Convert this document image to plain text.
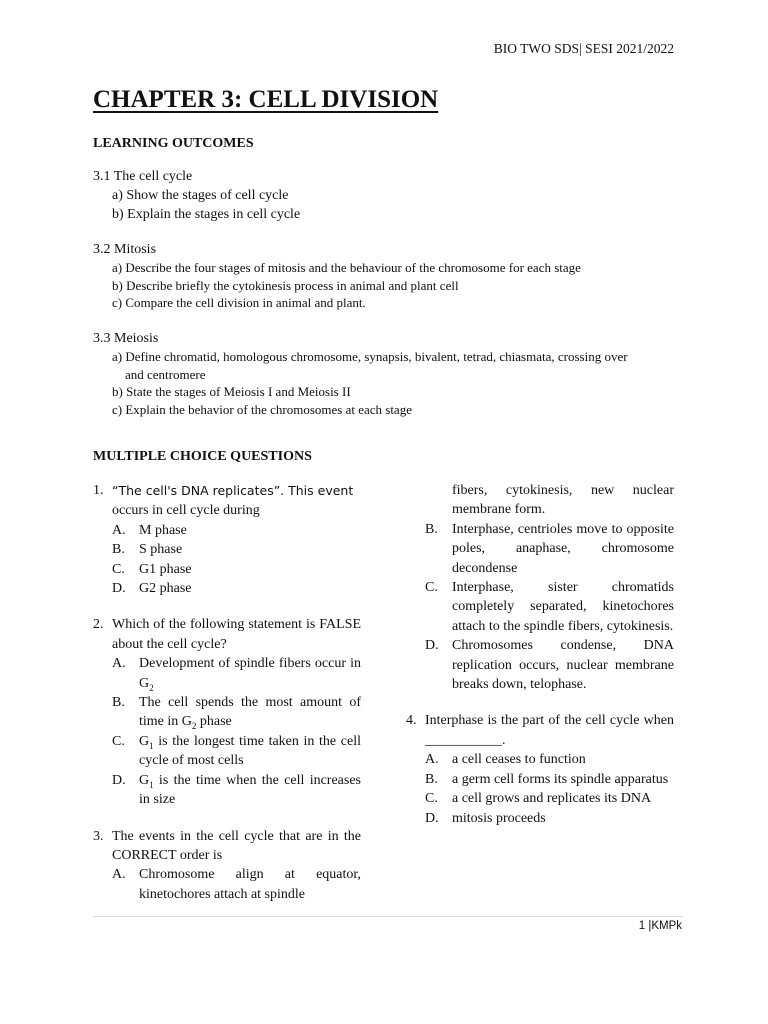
BIO TWO SDS| SESI 2021/2022
CHAPTER 3: CELL DIVISION
LEARNING OUTCOMES
3.1 The cell cycle
a) Show the stages of cell cycle
b) Explain the stages in cell cycle
3.2 Mitosis
a) Describe the four stages of mitosis and the behaviour of the chromosome for each stage
b) Describe briefly the cytokinesis process in animal and plant cell
c) Compare the cell division in animal and plant.
3.3 Meiosis
a) Define chromatid, homologous chromosome, synapsis, bivalent, tetrad, chiasmata, crossing over
and centromere
b) State the stages of Meiosis I and Meiosis II
c) Explain the behavior of the chromosomes at each stage
MULTIPLE CHOICE QUESTIONS
1. “The cell's DNA replicates”. This event
occurs in cell cycle during
A. M phase
B.	S phase
C.	G1 phase
D. G2 phase
2. Which of the following statement is FALSE about the cell cycle?
A. Development of spindle fibers occur in $G_2$
B.	The cell spends the most amount of time in $G_2$ phase
C.	$G_1$ is the longest time taken in the cell cycle of most cells
D. $G_1$ is the time when the cell increases in size
3. The events in the cell cycle that are in the CORRECT order is
A. Chromosome align at equator, kinetochores attach at spindle
fibers, cytokinesis, new nuclear membrane form.
B.	Interphase, centrioles move to opposite poles, anaphase, chromosome decondense
C.	Interphase, sister chromatids completely separated, kinetochores attach to the spindle fibers, cytokinesis.
D. Chromosomes condense, DNA replication occurs, nuclear membrane breaks down, telophase.
4. Interphase is the part of the cell cycle when ___________.
A. a cell ceases to function
B.	a germ cell forms its spindle apparatus
C.	a cell grows and replicates its DNA
D. mitosis proceeds
1 |KMPk
